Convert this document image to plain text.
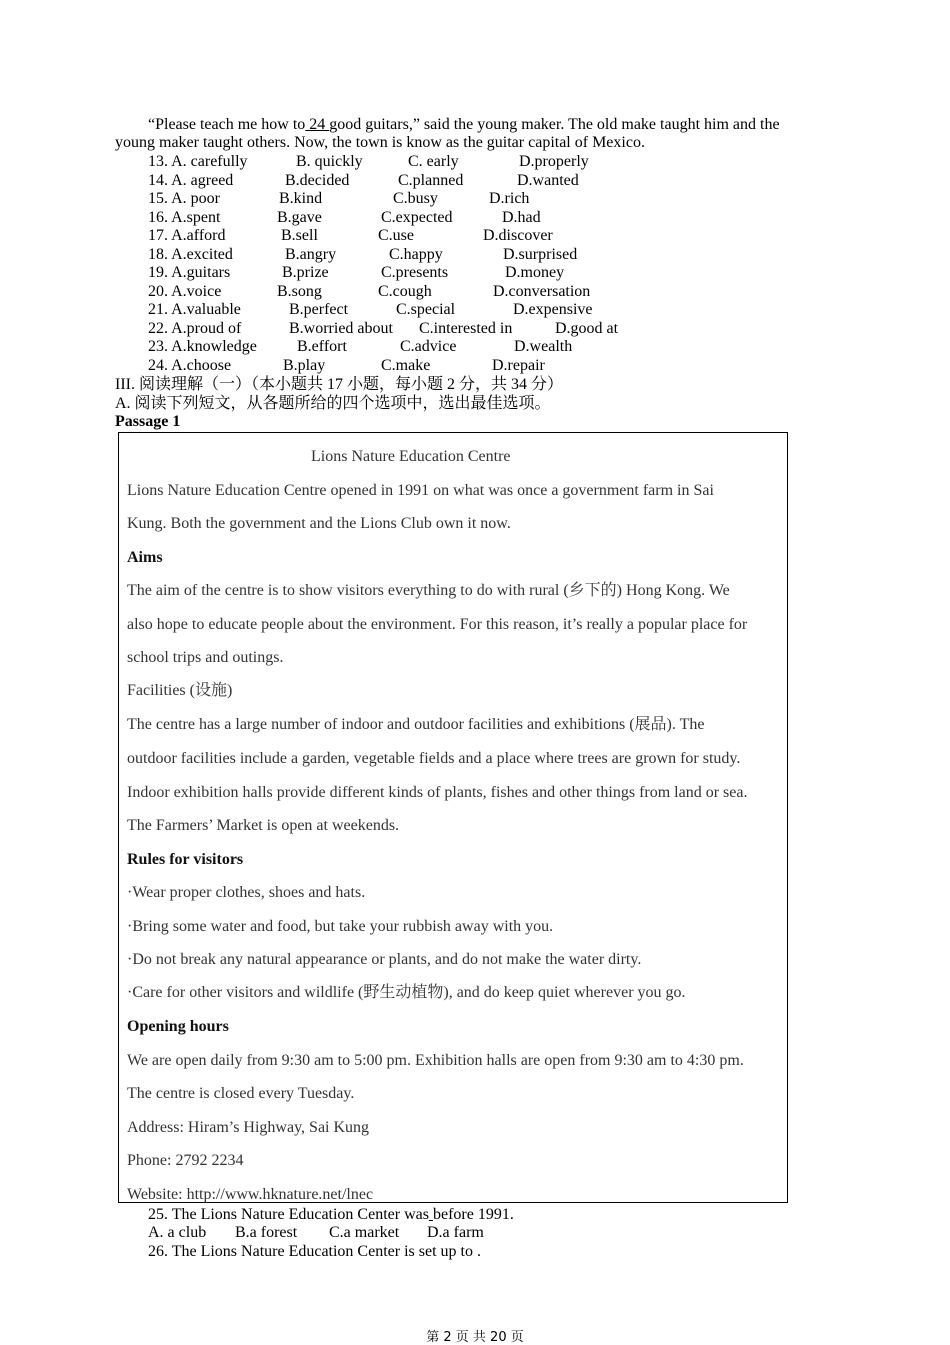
“Please teach me how to 24 good guitars,” said the young maker. The old make taught him and the
young maker taught others. Now, the town is know as the guitar capital of Mexico.
13. A. carefully	B. quickly	C. early	D.properly
14. A. agreed	B.decided	C.planned	D.wanted
15. A. poor	B.kind	C.busy	D.rich
16. A.spent	B.gave	C.expected	D.had
17. A.afford	B.sell	C.use	D.discover
18. A.excited	B.angry	C.happy	D.surprised
19. A.guitars	B.prize	C.presents	D.money
20. A.voice	B.song	C.cough	D.conversation
21. A.valuable	B.perfect	C.special	D.expensive
22. A.proud of	B.worried about C.interested in	D.good at
23. A.knowledge	B.effort	C.advice	D.wealth
24. A.choose	B.play	C.make	D.repair
III. 阅读理解（一）（本小题共 17 小题，每小题 2 分，共 34 分）
A. 阅读下列短文，从各题所给的四个选项中，选出最佳选项。
Passage 1
Lions Nature Education Centre
Lions Nature Education Centre opened in 1991 on what was once a government farm in Sai
Kung. Both the government and the Lions Club own it now.
Aims
The aim of the centre is to show visitors everything to do with rural (乡下的) Hong Kong. We
also hope to educate people about the environment. For this reason, it’s really a popular place for
school trips and outings.
Facilities (设施)
The centre has a large number of indoor and outdoor facilities and exhibitions (展品). The
outdoor facilities include a garden, vegetable fields and a place where trees are grown for study.
Indoor exhibition halls provide different kinds of plants, fishes and other things from land or sea.
The Farmers’ Market is open at weekends.
Rules for visitors
·Wear proper clothes, shoes and hats.
·Bring some water and food, but take your rubbish away with you.
·Do not break any natural appearance or plants, and do not make the water dirty.
·Care for other visitors and wildlife (野生动植物), and do keep quiet wherever you go.
Opening hours
We are open daily from 9:30 am to 5:00 pm. Exhibition halls are open from 9:30 am to 4:30 pm.
The centre is closed every Tuesday.
Address: Hiram’s Highway, Sai Kung
Phone: 2792 2234
Website: http://www.hknature.net/lnec
25. The Lions Nature Education Center was before 1991.
A. a club B.a forest C.a market D.a farm
26. The Lions Nature Education Center is set up to .
第 2 页 共 20 页
